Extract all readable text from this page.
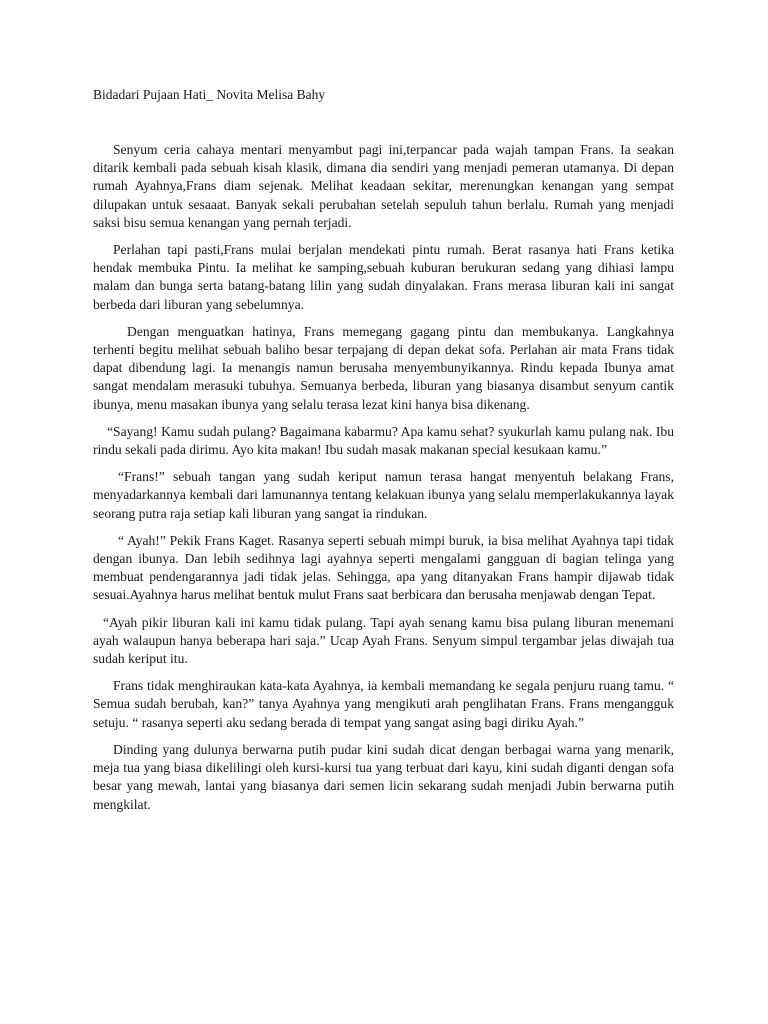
Bidadari Pujaan Hati_ Novita Melisa Bahy

Senyum ceria cahaya mentari menyambut pagi ini,terpancar pada wajah tampan Frans. Ia seakan ditarik kembali pada sebuah kisah klasik, dimana dia sendiri yang menjadi pemeran utamanya. Di depan rumah Ayahnya,Frans diam sejenak. Melihat keadaan sekitar, merenungkan kenangan yang sempat dilupakan untuk sesaaat. Banyak sekali perubahan setelah sepuluh tahun berlalu. Rumah yang menjadi saksi bisu semua kenangan yang pernah terjadi.

Perlahan tapi pasti,Frans mulai berjalan mendekati pintu rumah. Berat rasanya hati Frans ketika hendak membuka Pintu. Ia melihat ke samping,sebuah kuburan berukuran sedang yang dihiasi lampu malam dan bunga serta batang-batang lilin yang sudah dinyalakan. Frans merasa liburan kali ini sangat berbeda dari liburan yang sebelumnya.

Dengan menguatkan hatinya, Frans memegang gagang pintu dan membukanya. Langkahnya terhenti begitu melihat sebuah baliho besar terpajang di depan dekat sofa. Perlahan air mata Frans tidak dapat dibendung lagi. Ia menangis namun berusaha menyembunyikannya. Rindu kepada Ibunya amat sangat mendalam merasuki tubuhya. Semuanya berbeda, liburan yang biasanya disambut senyum cantik ibunya, menu masakan ibunya yang selalu terasa lezat kini hanya bisa dikenang.

“Sayang! Kamu sudah pulang? Bagaimana kabarmu? Apa kamu sehat? syukurlah kamu pulang nak. Ibu rindu sekali pada dirimu. Ayo kita makan! Ibu sudah masak makanan special kesukaan kamu.”

“Frans!” sebuah tangan yang sudah keriput namun terasa hangat menyentuh belakang Frans, menyadarkannya kembali dari lamunannya tentang kelakuan ibunya yang selalu memperlakukannya layak seorang putra raja setiap kali liburan yang sangat ia rindukan.

“ Ayah!” Pekik Frans Kaget. Rasanya seperti sebuah mimpi buruk, ia bisa melihat Ayahnya tapi tidak dengan ibunya. Dan lebih sedihnya lagi ayahnya seperti mengalami gangguan di bagian telinga yang membuat pendengarannya jadi tidak jelas. Sehingga, apa yang ditanyakan Frans hampir dijawab tidak sesuai.Ayahnya harus melihat bentuk mulut Frans saat berbicara dan berusaha menjawab dengan Tepat.

“Ayah pikir liburan kali ini kamu tidak pulang. Tapi ayah senang kamu bisa pulang liburan menemani ayah walaupun hanya beberapa hari saja.” Ucap Ayah Frans. Senyum simpul tergambar jelas diwajah tua sudah keriput itu.

Frans tidak menghiraukan kata-kata Ayahnya, ia kembali memandang ke segala penjuru ruang tamu. “ Semua sudah berubah, kan?” tanya Ayahnya yang mengikuti arah penglihatan Frans. Frans mengangguk setuju. “ rasanya seperti aku sedang berada di tempat yang sangat asing bagi diriku Ayah.”

Dinding yang dulunya berwarna putih pudar kini sudah dicat dengan berbagai warna yang menarik, meja tua yang biasa dikelilingi oleh kursi-kursi tua yang terbuat dari kayu, kini sudah diganti dengan sofa besar yang mewah, lantai yang biasanya dari semen licin sekarang sudah menjadi Jubin berwarna putih mengkilat.
